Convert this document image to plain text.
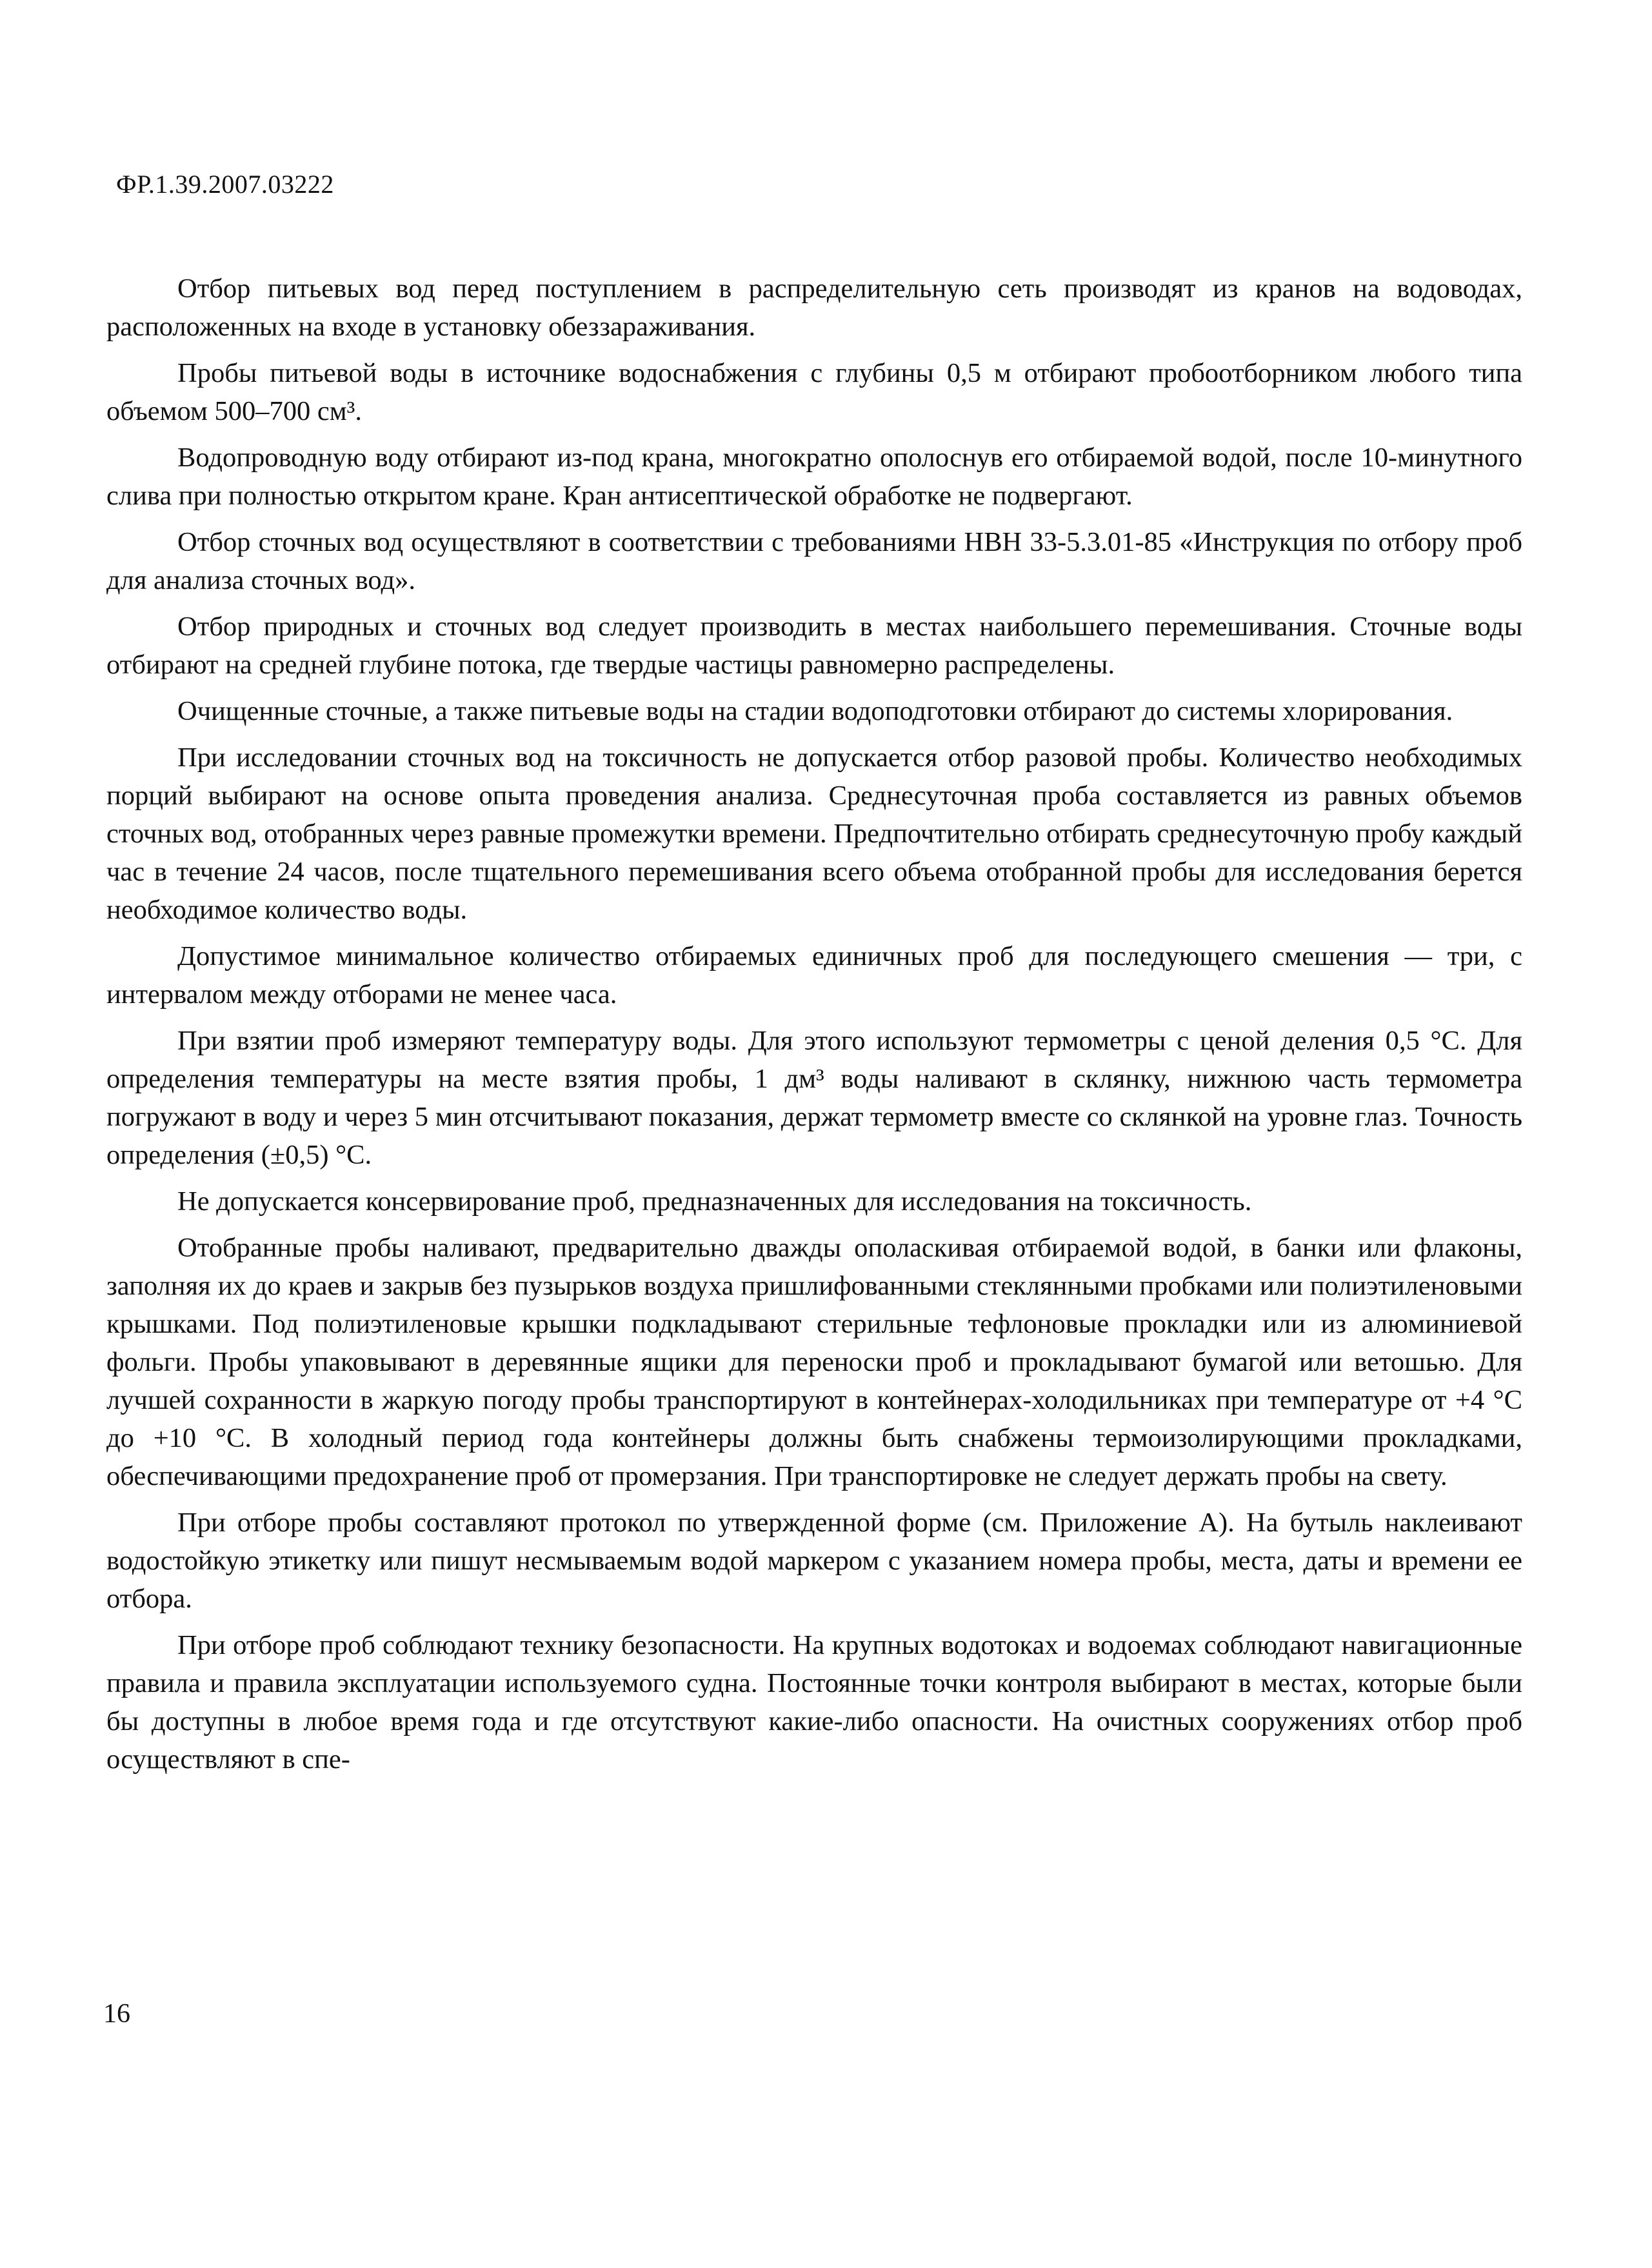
ФР.1.39.2007.03222

Отбор питьевых вод перед поступлением в распределительную сеть производят из кранов на водоводах, расположенных на входе в установку обеззараживания.

Пробы питьевой воды в источнике водоснабжения с глубины 0,5 м отбирают пробоотборником любого типа объемом 500–700 см³.

Водопроводную воду отбирают из-под крана, многократно ополоснув его отбираемой водой, после 10-минутного слива при полностью открытом кране. Кран антисептической обработке не подвергают.

Отбор сточных вод осуществляют в соответствии с требованиями НВН 33-5.3.01-85 «Инструкция по отбору проб для анализа сточных вод».

Отбор природных и сточных вод следует производить в местах наибольшего перемешивания. Сточные воды отбирают на средней глубине потока, где твердые частицы равномерно распределены.

Очищенные сточные, а также питьевые воды на стадии водоподготовки отбирают до системы хлорирования.

При исследовании сточных вод на токсичность не допускается отбор разовой пробы. Количество необходимых порций выбирают на основе опыта проведения анализа. Среднесуточная проба составляется из равных объемов сточных вод, отобранных через равные промежутки времени. Предпочтительно отбирать среднесуточную пробу каждый час в течение 24 часов, после тщательного перемешивания всего объема отобранной пробы для исследования берется необходимое количество воды.

Допустимое минимальное количество отбираемых единичных проб для последующего смешения — три, с интервалом между отборами не менее часа.

При взятии проб измеряют температуру воды. Для этого используют термометры с ценой деления 0,5 °С. Для определения температуры на месте взятия пробы, 1 дм³ воды наливают в склянку, нижнюю часть термометра погружают в воду и через 5 мин отсчитывают показания, держат термометр вместе со склянкой на уровне глаз. Точность определения (±0,5) °С.

Не допускается консервирование проб, предназначенных для исследования на токсичность.

Отобранные пробы наливают, предварительно дважды ополаскивая отбираемой водой, в банки или флаконы, заполняя их до краев и закрыв без пузырьков воздуха пришлифованными стеклянными пробками или полиэтиленовыми крышками. Под полиэтиленовые крышки подкладывают стерильные тефлоновые прокладки или из алюминиевой фольги. Пробы упаковывают в деревянные ящики для переноски проб и прокладывают бумагой или ветошью. Для лучшей сохранности в жаркую погоду пробы транспортируют в контейнерах-холодильниках при температуре от +4 °С до +10 °С. В холодный период года контейнеры должны быть снабжены термоизолирующими прокладками, обеспечивающими предохранение проб от промерзания. При транспортировке не следует держать пробы на свету.

При отборе пробы составляют протокол по утвержденной форме (см. Приложение А). На бутыль наклеивают водостойкую этикетку или пишут несмываемым водой маркером с указанием номера пробы, места, даты и времени ее отбора.

При отборе проб соблюдают технику безопасности. На крупных водотоках и водоемах соблюдают навигационные правила и правила эксплуатации используемого судна. Постоянные точки контроля выбирают в местах, которые были бы доступны в любое время года и где отсутствуют какие-либо опасности. На очистных сооружениях отбор проб осуществляют в спе-

16
